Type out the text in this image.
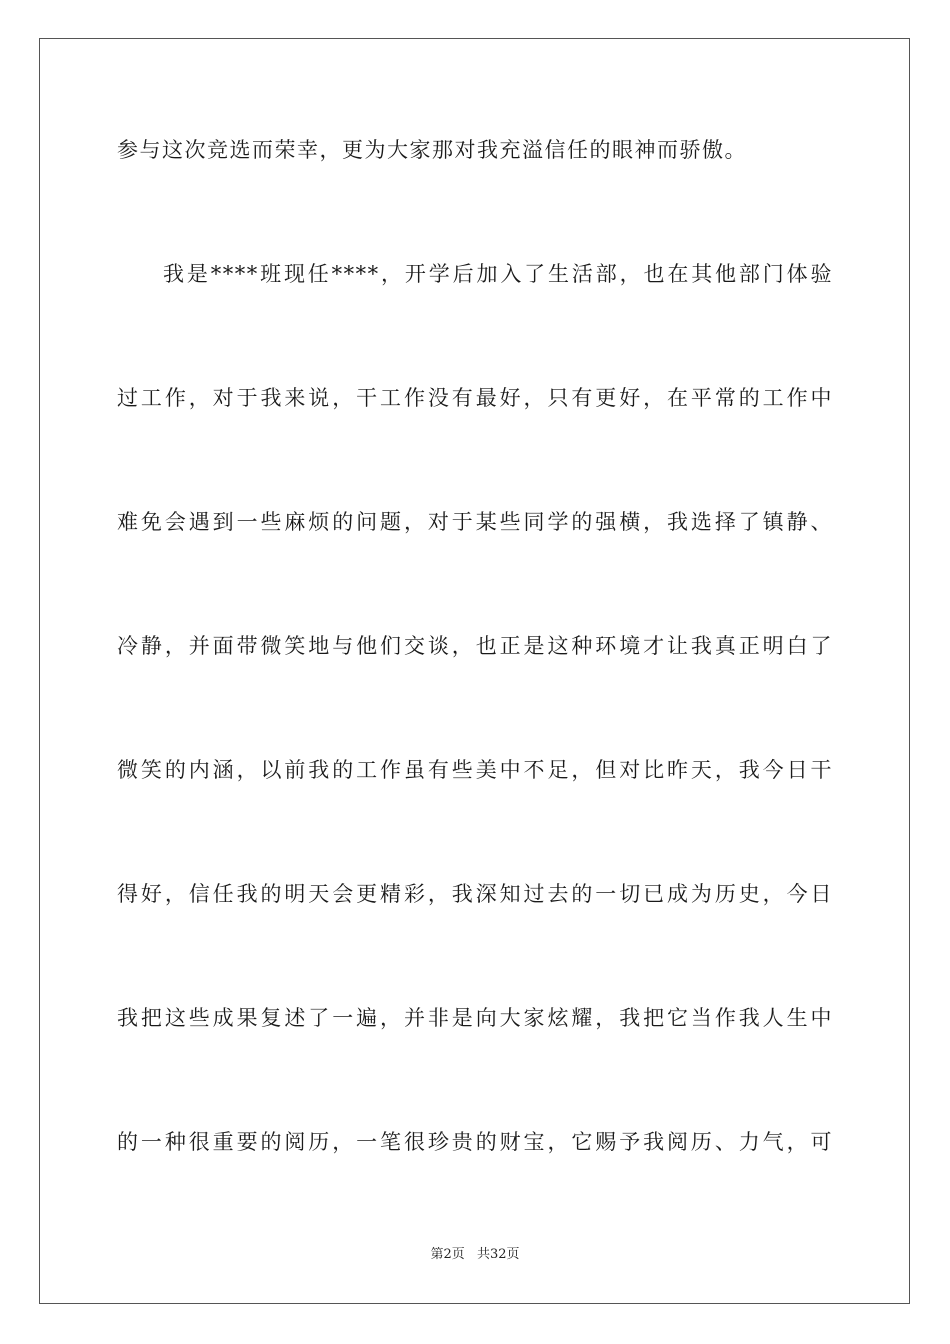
参与这次竞选而荣幸，更为大家那对我充溢信任的眼神而骄傲。
我是****班现任****，开学后加入了生活部，也在其他部门体验
过工作，对于我来说，干工作没有最好，只有更好，在平常的工作中
难免会遇到一些麻烦的问题，对于某些同学的强横，我选择了镇静、
冷静，并面带微笑地与他们交谈，也正是这种环境才让我真正明白了
微笑的内涵，以前我的工作虽有些美中不足，但对比昨天，我今日干
得好，信任我的明天会更精彩，我深知过去的一切已成为历史，今日
我把这些成果复述了一遍，并非是向大家炫耀，我把它当作我人生中
的一种很重要的阅历，一笔很珍贵的财宝，它赐予我阅历、力气，可
第2页 共32页
